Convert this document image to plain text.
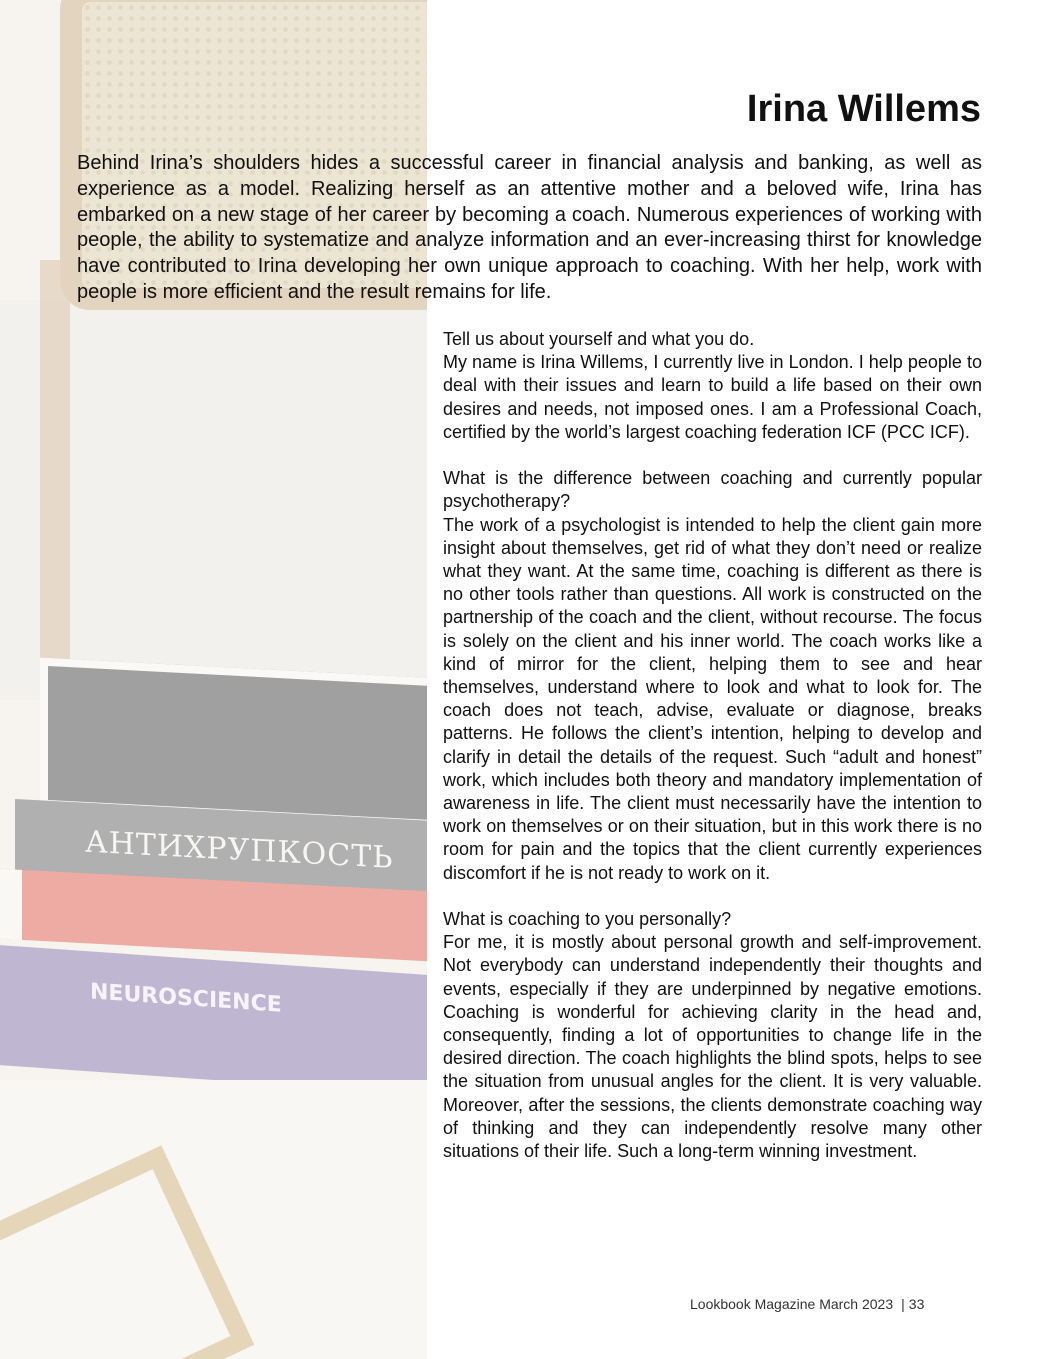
Irina Willems

Behind Irina’s shoulders hides a successful career in financial analysis and banking, as well as experience as a model. Realizing herself as an attentive mother and a beloved wife, Irina has embarked on a new stage of her career by becoming a coach. Numerous experiences of working with people, the ability to systematize and analyze information and an ever-increasing thirst for knowledge have contributed to Irina developing her own unique approach to coaching. With her help, work with people is more efficient and the result remains for life.

Tell us about yourself and what you do.
My name is Irina Willems, I currently live in London. I help people to deal with their issues and learn to build a life based on their own desires and needs, not imposed ones. I am a Professional Coach, certified by the world’s largest coaching federation ICF (PCC ICF).
What is the difference between coaching and currently popular psychotherapy?
The work of a psychologist is intended to help the client gain more insight about themselves, get rid of what they don’t need or realize what they want. At the same time, coaching is different as there is no other tools rather than questions. All work is constructed on the partnership of the coach and the client, without recourse. The focus is solely on the client and his inner world. The coach works like a kind of mirror for the client, helping them to see and hear themselves, understand where to look and what to look for. The coach does not teach, advise, evaluate or diagnose, breaks patterns. He follows the client’s intention, helping to develop and clarify in detail the details of the request. Such “adult and honest” work, which includes both theory and mandatory implementation of awareness in life. The client must necessarily have the intention to work on themselves or on their situation, but in this work there is no room for pain and the topics that the client currently experiences discomfort if he is not ready to work on it.
What is coaching to you personally?
For me, it is mostly about personal growth and self-improvement. Not everybody can understand independently their thoughts and events, especially if they are underpinned by negative emotions. Coaching is wonderful for achieving clarity in the head and, consequently, finding a lot of opportunities to change life in the desired direction. The coach highlights the blind spots, helps to see the situation from unusual angles for the client. It is very valuable. Moreover, after the sessions, the clients demonstrate coaching way of thinking and they can independently resolve many other situations of their life. Such a long-term winning investment.
Lookbook Magazine March 2023 | 33
